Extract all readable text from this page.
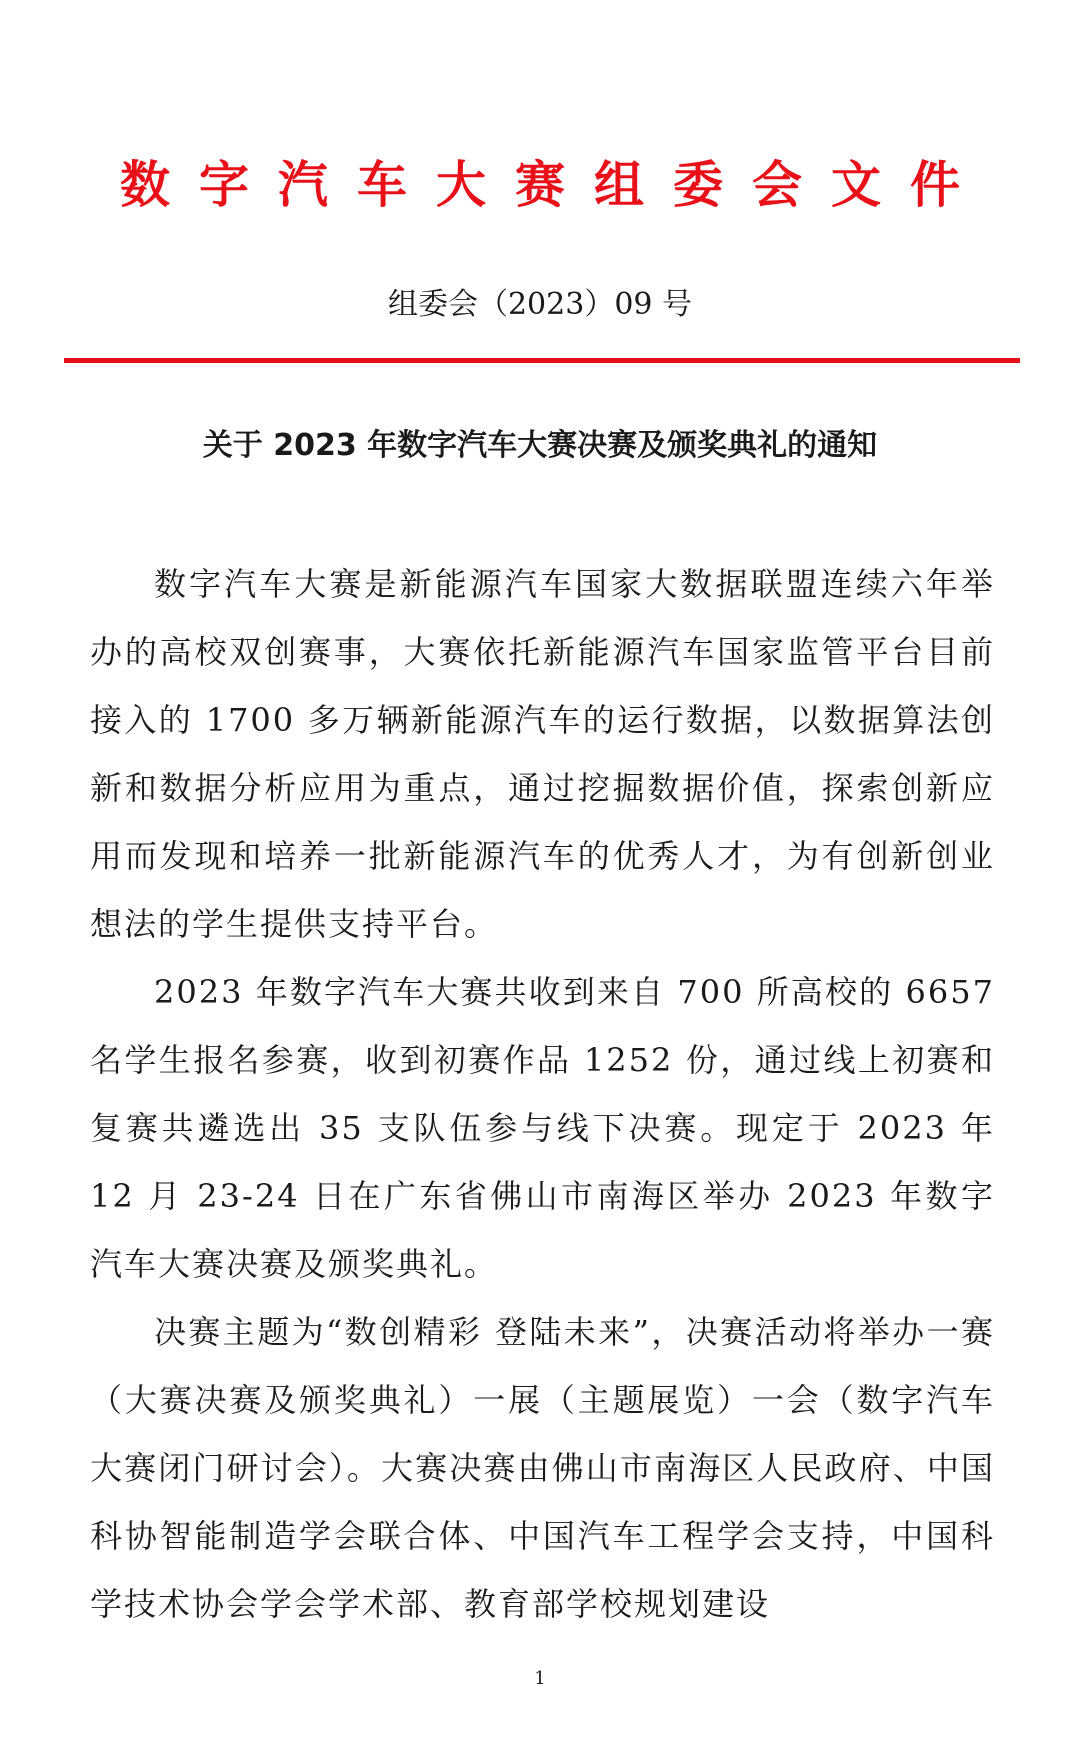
数字汽车大赛组委会文件
组委会（2023）09 号
关于 2023 年数字汽车大赛决赛及颁奖典礼的通知

数字汽车大赛是新能源汽车国家大数据联盟连续六年举办的高校双创赛事，大赛依托新能源汽车国家监管平台目前接入的 1700 多万辆新能源汽车的运行数据，以数据算法创新和数据分析应用为重点，通过挖掘数据价值，探索创新应用而发现和培养一批新能源汽车的优秀人才，为有创新创业想法的学生提供支持平台。

2023 年数字汽车大赛共收到来自 700 所高校的 6657 名学生报名参赛，收到初赛作品 1252 份，通过线上初赛和复赛共遴选出 35 支队伍参与线下决赛。现定于 2023 年 12 月 23-24 日在广东省佛山市南海区举办 2023 年数字汽车大赛决赛及颁奖典礼。

决赛主题为“数创精彩 登陆未来”，决赛活动将举办一赛（大赛决赛及颁奖典礼）一展（主题展览）一会（数字汽车大赛闭门研讨会）。大赛决赛由佛山市南海区人民政府、中国科协智能制造学会联合体、中国汽车工程学会支持，中国科学技术协会学会学术部、教育部学校规划建设

1
